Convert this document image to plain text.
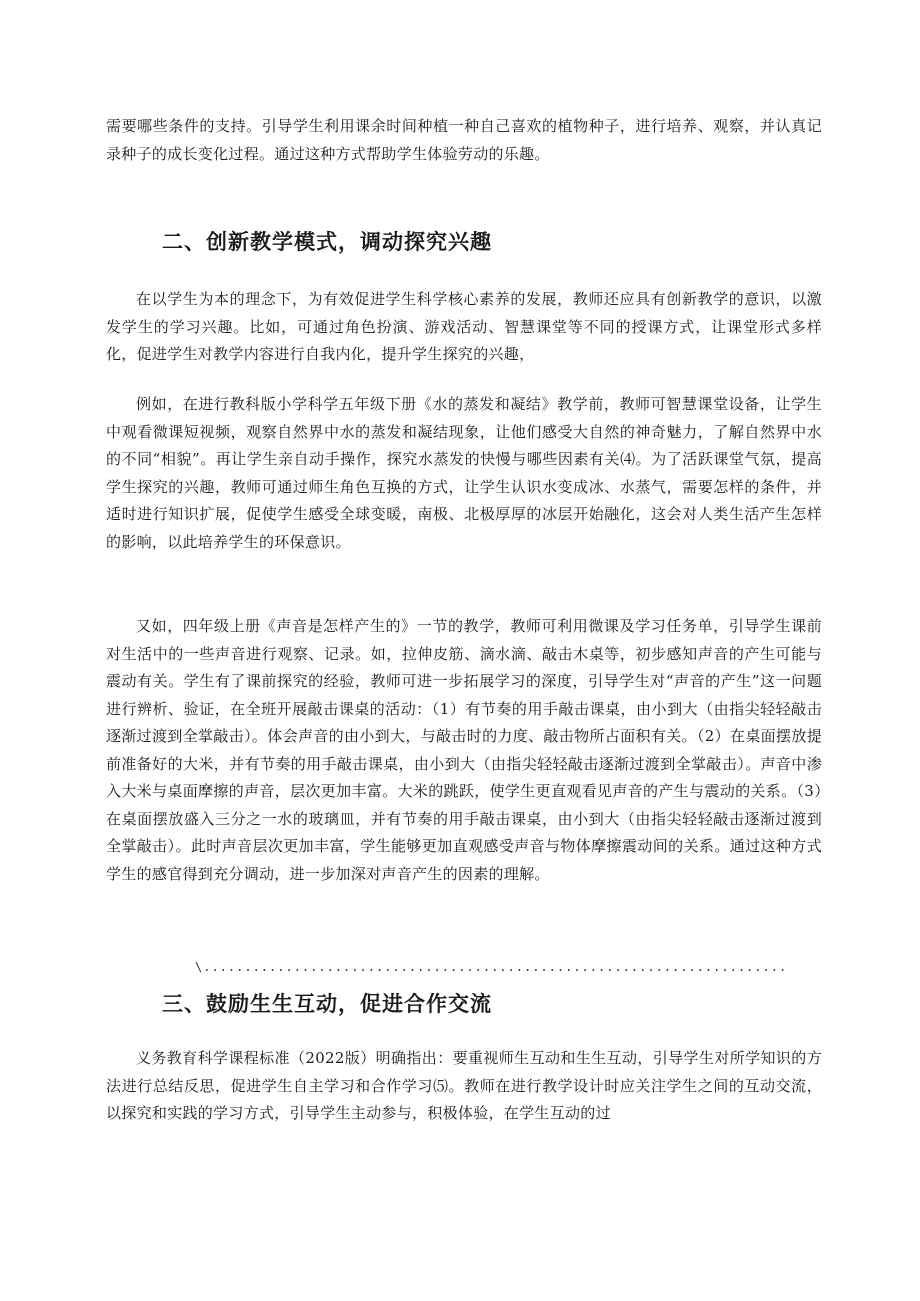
需要哪些条件的支持。引导学生利用课余时间种植一种自己喜欢的植物种子，进行培养、观察，并认真记录种子的成长变化过程。通过这种方式帮助学生体验劳动的乐趣。

二、创新教学模式，调动探究兴趣

在以学生为本的理念下，为有效促进学生科学核心素养的发展，教师还应具有创新教学的意识，以激发学生的学习兴趣。比如，可通过角色扮演、游戏活动、智慧课堂等不同的授课方式，让课堂形式多样化，促进学生对教学内容进行自我内化，提升学生探究的兴趣，

例如，在进行教科版小学科学五年级下册《水的蒸发和凝结》教学前，教师可智慧课堂设备，让学生中观看微课短视频，观察自然界中水的蒸发和凝结现象，让他们感受大自然的神奇魅力，了解自然界中水的不同“相貌”。再让学生亲自动手操作，探究水蒸发的快慢与哪些因素有关⑷。为了活跃课堂气氛，提高学生探究的兴趣，教师可通过师生角色互换的方式，让学生认识水变成冰、水蒸气，需要怎样的条件，并适时进行知识扩展，促使学生感受全球变暖，南极、北极厚厚的冰层开始融化，这会对人类生活产生怎样的影响，以此培养学生的环保意识。

又如，四年级上册《声音是怎样产生的》一节的教学，教师可利用微课及学习任务单，引导学生课前对生活中的一些声音进行观察、记录。如，拉伸皮筋、滴水滴、敲击木桌等，初步感知声音的产生可能与震动有关。学生有了课前探究的经验，教师可进一步拓展学习的深度，引导学生对“声音的产生”这一问题进行辨析、验证，在全班开展敲击课桌的活动：（1）有节奏的用手敲击课桌，由小到大（由指尖轻轻敲击逐渐过渡到全掌敲击）。体会声音的由小到大，与敲击时的力度、敲击物所占面积有关。（2）在桌面摆放提前准备好的大米，并有节奏的用手敲击课桌，由小到大（由指尖轻轻敲击逐渐过渡到全掌敲击）。声音中渗入大米与桌面摩擦的声音，层次更加丰富。大米的跳跃，使学生更直观看见声音的产生与震动的关系。（3）在桌面摆放盛入三分之一水的玻璃皿，并有节奏的用手敲击课桌，由小到大（由指尖轻轻敲击逐渐过渡到全掌敲击）。此时声音层次更加丰富，学生能够更加直观感受声音与物体摩擦震动间的关系。通过这种方式学生的感官得到充分调动，进一步加深对声音产生的因素的理解。

\.......................................................................
三、鼓励生生互动，促进合作交流

义务教育科学课程标准（2022版）明确指出：要重视师生互动和生生互动，引导学生对所学知识的方法进行总结反思，促进学生自主学习和合作学习⑸。教师在进行教学设计时应关注学生之间的互动交流，以探究和实践的学习方式，引导学生主动参与，积极体验，在学生互动的过
